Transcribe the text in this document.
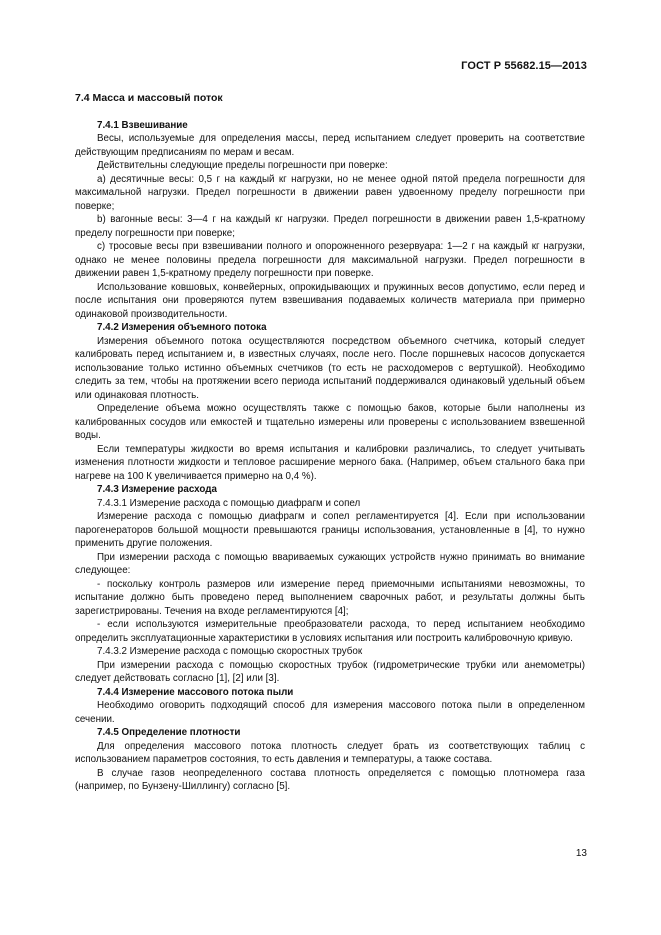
ГОСТ Р 55682.15—2013

7.4 Масса и массовый поток

7.4.1 Взвешивание

Весы, используемые для определения массы, перед испытанием следует проверить на соответствие действующим предписаниям по мерам и весам.

Действительны следующие пределы погрешности при поверке:

a) десятичные весы: 0,5 г на каждый кг нагрузки, но не менее одной пятой предела погрешности для максимальной нагрузки. Предел погрешности в движении равен удвоенному пределу погрешности при поверке;

b) вагонные весы: 3—4 г на каждый кг нагрузки. Предел погрешности в движении равен 1,5-кратному пределу погрешности при поверке;

c) тросовые весы при взвешивании полного и опорожненного резервуара: 1—2 г на каждый кг нагрузки, однако не менее половины предела погрешности для максимальной нагрузки. Предел погрешности в движении равен 1,5-кратному пределу погрешности при поверке.

Использование ковшовых, конвейерных, опрокидывающих и пружинных весов допустимо, если перед и после испытания они проверяются путем взвешивания подаваемых количеств материала при примерно одинаковой производительности.

7.4.2 Измерения объемного потока

Измерения объемного потока осуществляются посредством объемного счетчика, который следует калибровать перед испытанием и, в известных случаях, после него. После поршневых насосов допускается использование только истинно объемных счетчиков (то есть не расходомеров с вертушкой). Необходимо следить за тем, чтобы на протяжении всего периода испытаний поддерживался одинаковый удельный объем или одинаковая плотность.

Определение объема можно осуществлять также с помощью баков, которые были наполнены из калиброванных сосудов или емкостей и тщательно измерены или проверены с использованием взвешенной воды.

Если температуры жидкости во время испытания и калибровки различались, то следует учитывать изменения плотности жидкости и тепловое расширение мерного бака. (Например, объем стального бака при нагреве на 100 К увеличивается примерно на 0,4 %).

7.4.3 Измерение расхода

7.4.3.1 Измерение расхода с помощью диафрагм и сопел

Измерение расхода с помощью диафрагм и сопел регламентируется [4]. Если при использовании парогенераторов большой мощности превышаются границы использования, установленные в [4], то нужно применить другие положения.

При измерении расхода с помощью ввариваемых сужающих устройств нужно принимать во внимание следующее:

- поскольку контроль размеров или измерение перед приемочными испытаниями невозможны, то испытание должно быть проведено перед выполнением сварочных работ, и результаты должны быть зарегистрированы. Течения на входе регламентируются [4];

- если используются измерительные преобразователи расхода, то перед испытанием необходимо определить эксплуатационные характеристики в условиях испытания или построить калибровочную кривую.

7.4.3.2 Измерение расхода с помощью скоростных трубок

При измерении расхода с помощью скоростных трубок (гидрометрические трубки или анемометры) следует действовать согласно [1], [2] или [3].

7.4.4 Измерение массового потока пыли

Необходимо оговорить подходящий способ для измерения массового потока пыли в определенном сечении.

7.4.5 Определение плотности

Для определения массового потока плотность следует брать из соответствующих таблиц с использованием параметров состояния, то есть давления и температуры, а также состава.

В случае газов неопределенного состава плотность определяется с помощью плотномера газа (например, по Бунзену-Шиллингу) согласно [5].

13
